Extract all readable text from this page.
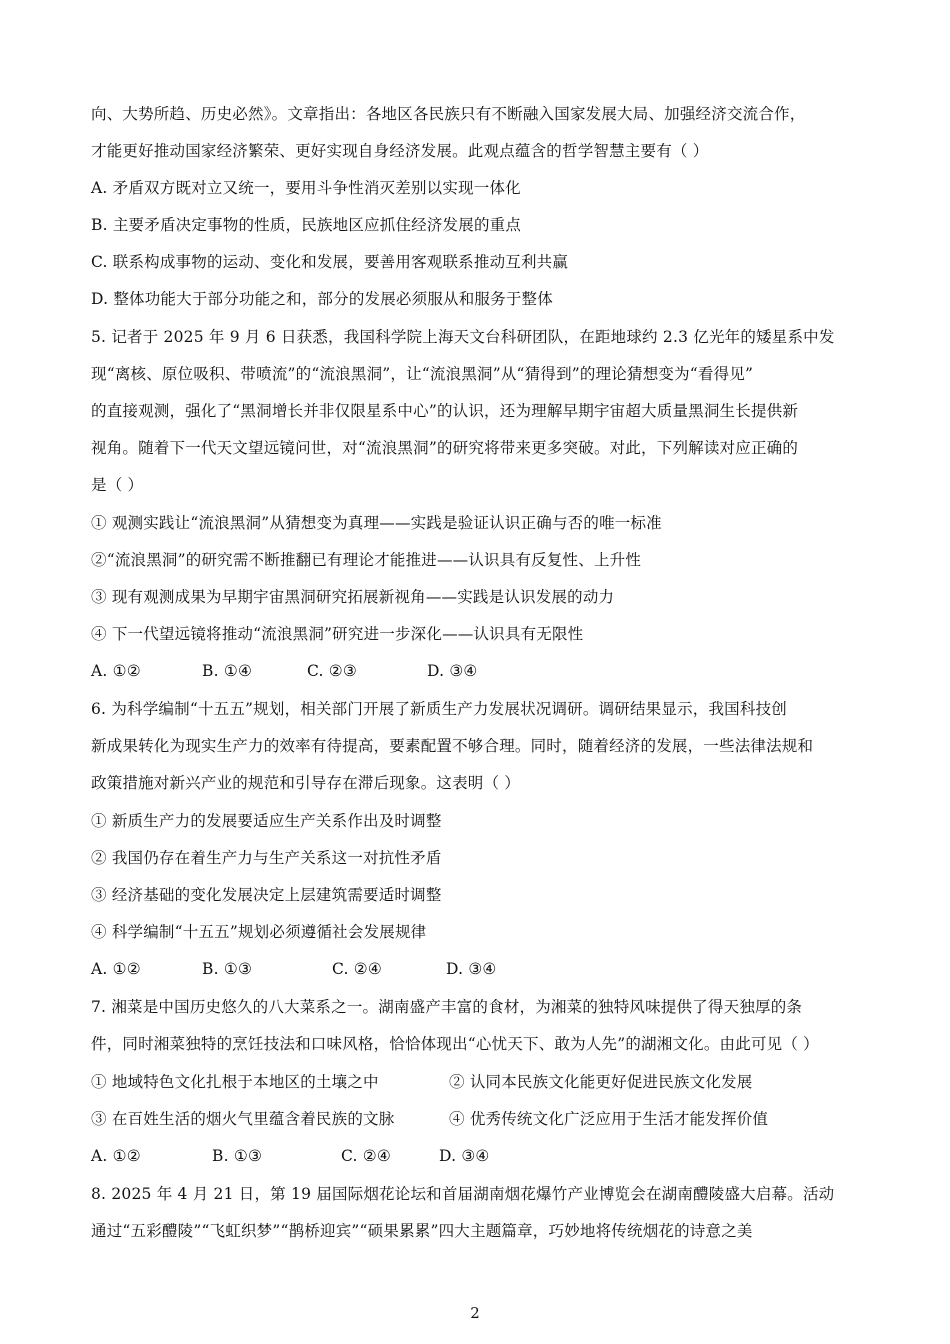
向、大势所趋、历史必然》。文章指出：各地区各民族只有不断融入国家发展大局、加强经济交流合作，
才能更好推动国家经济繁荣、更好实现自身经济发展。此观点蕴含的哲学智慧主要有（ ）
A. 矛盾双方既对立又统一，要用斗争性消灭差别以实现一体化
B. 主要矛盾决定事物的性质，民族地区应抓住经济发展的重点
C. 联系构成事物的运动、变化和发展，要善用客观联系推动互利共赢
D. 整体功能大于部分功能之和，部分的发展必须服从和服务于整体
5. 记者于 2025 年 9 月 6 日获悉，我国科学院上海天文台科研团队，在距地球约 2.3 亿光年的矮星系中发
现“离核、原位吸积、带喷流”的“流浪黑洞”，让“流浪黑洞”从“猜得到”的理论猜想变为“看得见”
的直接观测，强化了“黑洞增长并非仅限星系中心”的认识，还为理解早期宇宙超大质量黑洞生长提供新
视角。随着下一代天文望远镜问世，对“流浪黑洞”的研究将带来更多突破。对此，下列解读对应正确的
是（ ）
① 观测实践让“流浪黑洞”从猜想变为真理——实践是验证认识正确与否的唯一标准
②“流浪黑洞”的研究需不断推翻已有理论才能推进——认识具有反复性、上升性
③ 现有观测成果为早期宇宙黑洞研究拓展新视角——实践是认识发展的动力
④ 下一代望远镜将推动“流浪黑洞”研究进一步深化——认识具有无限性
A. ①②	B. ①④	C. ②③	D. ③④
6. 为科学编制“十五五”规划，相关部门开展了新质生产力发展状况调研。调研结果显示，我国科技创
新成果转化为现实生产力的效率有待提高，要素配置不够合理。同时，随着经济的发展，一些法律法规和
政策措施对新兴产业的规范和引导存在滞后现象。这表明（ ）
① 新质生产力的发展要适应生产关系作出及时调整
② 我国仍存在着生产力与生产关系这一对抗性矛盾
③ 经济基础的变化发展决定上层建筑需要适时调整
④ 科学编制“十五五”规划必须遵循社会发展规律
A. ①②	B. ①③	C. ②④	D. ③④
7. 湘菜是中国历史悠久的八大菜系之一。湖南盛产丰富的食材，为湘菜的独特风味提供了得天独厚的条
件，同时湘菜独特的烹饪技法和口味风格，恰恰体现出“心忧天下、敢为人先”的湖湘文化。由此可见（ ）
① 地域特色文化扎根于本地区的土壤之中	② 认同本民族文化能更好促进民族文化发展
③ 在百姓生活的烟火气里蕴含着民族的文脉	④ 优秀传统文化广泛应用于生活才能发挥价值
A. ①②	B. ①③	C. ②④	D. ③④
8. 2025 年 4 月 21 日，第 19 届国际烟花论坛和首届湖南烟花爆竹产业博览会在湖南醴陵盛大启幕。活动
通过“五彩醴陵”“飞虹织梦”“鹊桥迎宾”“硕果累累”四大主题篇章，巧妙地将传统烟花的诗意之美
2
